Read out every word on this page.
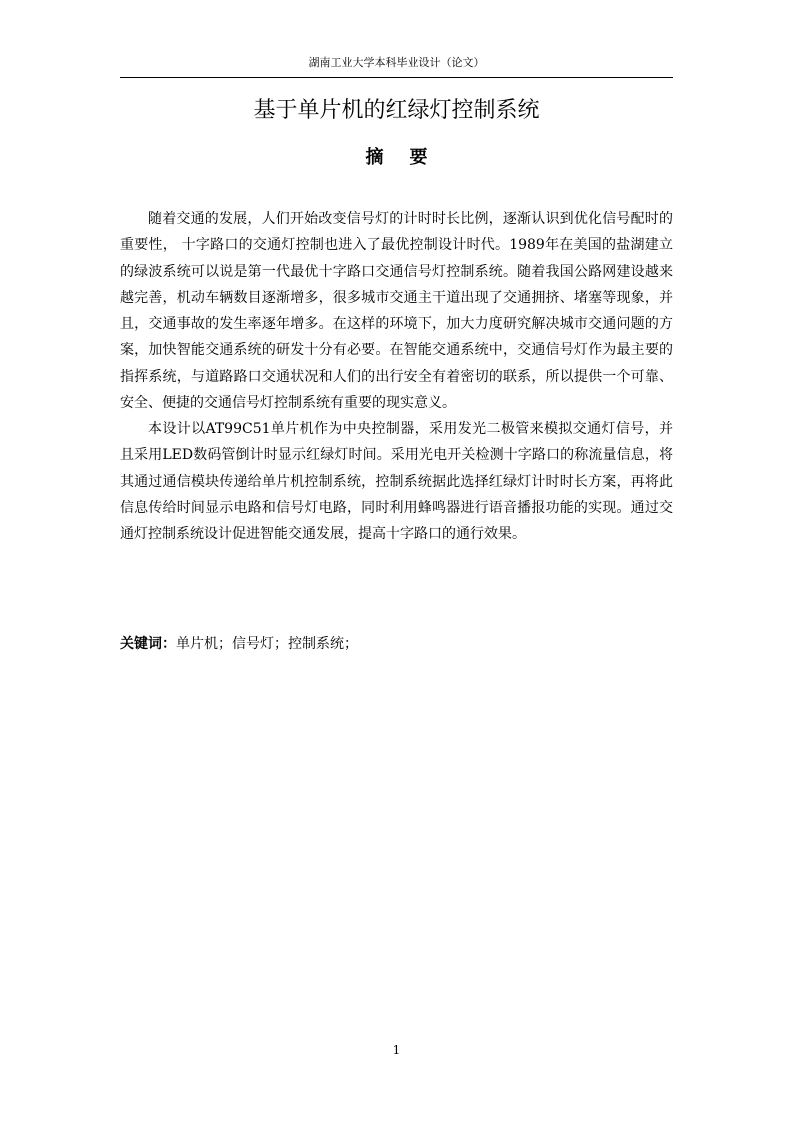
湖南工业大学本科毕业设计（论文）
基于单片机的红绿灯控制系统
摘要

随着交通的发展，人们开始改变信号灯的计时时长比例，逐渐认识到优化信号配时的重要性， 十字路口的交通灯控制也进入了最优控制设计时代。1989年在美国的盐湖建立的绿波系统可以说是第一代最优十字路口交通信号灯控制系统。随着我国公路网建设越来越完善，机动车辆数目逐渐增多，很多城市交通主干道出现了交通拥挤、堵塞等现象，并且，交通事故的发生率逐年增多。在这样的环境下，加大力度研究解决城市交通问题的方案，加快智能交通系统的研发十分有必要。在智能交通系统中，交通信号灯作为最主要的指挥系统，与道路路口交通状况和人们的出行安全有着密切的联系，所以提供一个可靠、安全、便捷的交通信号灯控制系统有重要的现实意义。

本设计以AT99C51单片机作为中央控制器，采用发光二极管来模拟交通灯信号，并且采用LED数码管倒计时显示红绿灯时间。采用光电开关检测十字路口的称流量信息，将其通过通信模块传递给单片机控制系统，控制系统据此选择红绿灯计时时长方案，再将此信息传给时间显示电路和信号灯电路，同时利用蜂鸣器进行语音播报功能的实现。通过交通灯控制系统设计促进智能交通发展，提高十字路口的通行效果。

关键词：单片机；信号灯；控制系统；
1
